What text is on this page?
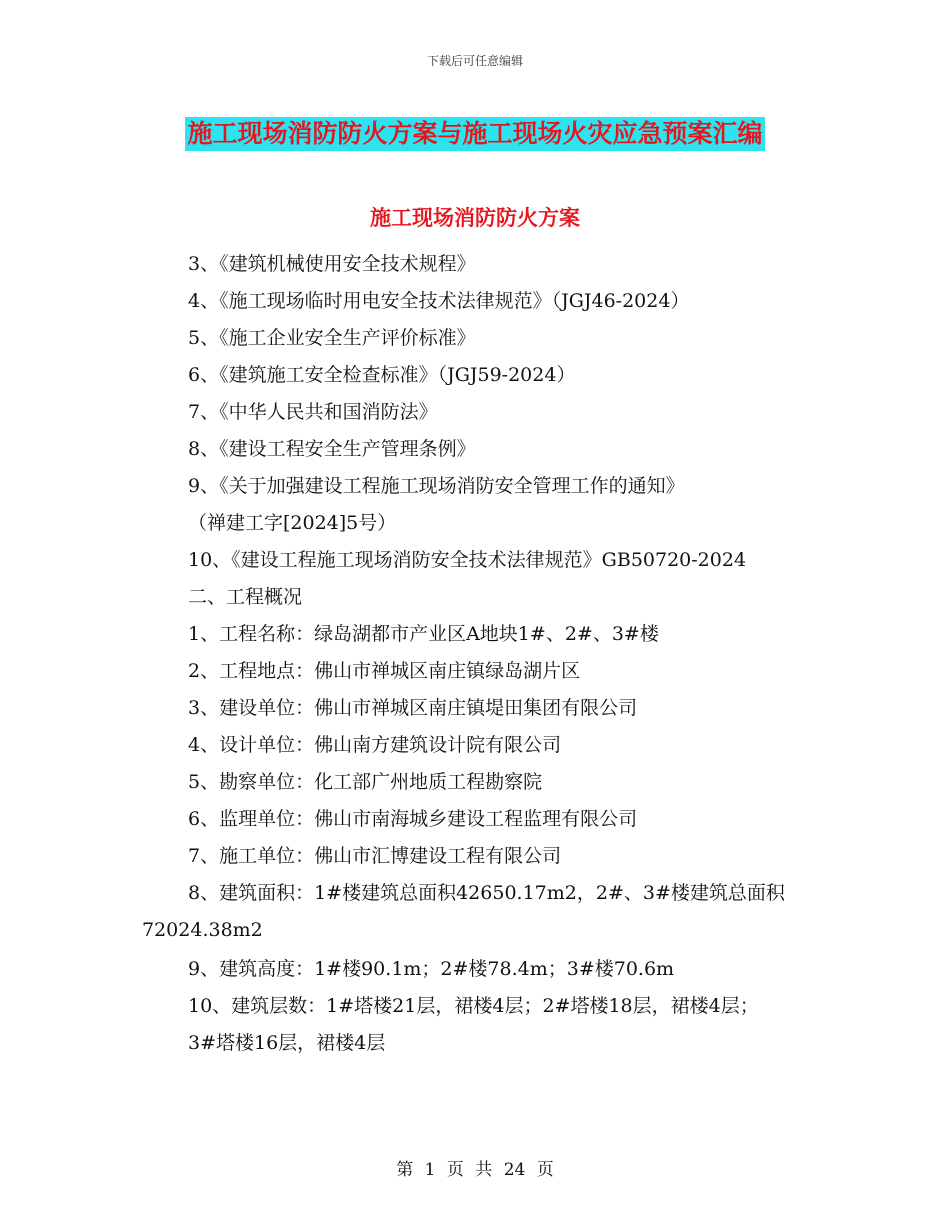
下载后可任意编辑
施工现场消防防火方案与施工现场火灾应急预案汇编
施工现场消防防火方案
3、《建筑机械使用安全技术规程》
4、《施工现场临时用电安全技术法律规范》（JGJ46-2024）
5、《施工企业安全生产评价标准》
6、《建筑施工安全检查标准》（JGJ59-2024）
7、《中华人民共和国消防法》
8、《建设工程安全生产管理条例》
9、《关于加强建设工程施工现场消防安全管理工作的通知》
（禅建工字[2024]5号）
10、《建设工程施工现场消防安全技术法律规范》GB50720-2024
二、工程概况
1、工程名称：绿岛湖都市产业区A地块1#、2#、3#楼
2、工程地点：佛山市禅城区南庄镇绿岛湖片区
3、建设单位：佛山市禅城区南庄镇堤田集团有限公司
4、设计单位：佛山南方建筑设计院有限公司
5、勘察单位：化工部广州地质工程勘察院
6、监理单位：佛山市南海城乡建设工程监理有限公司
7、施工单位：佛山市汇博建设工程有限公司
8、建筑面积：1#楼建筑总面积42650.17m2，2#、3#楼建筑总面积
72024.38m2
9、建筑高度：1#楼90.1m；2#楼78.4m；3#楼70.6m
10、建筑层数：1#塔楼21层，裙楼4层；2#塔楼18层，裙楼4层；
3#塔楼16层，裙楼4层
第 1 页 共 24 页
